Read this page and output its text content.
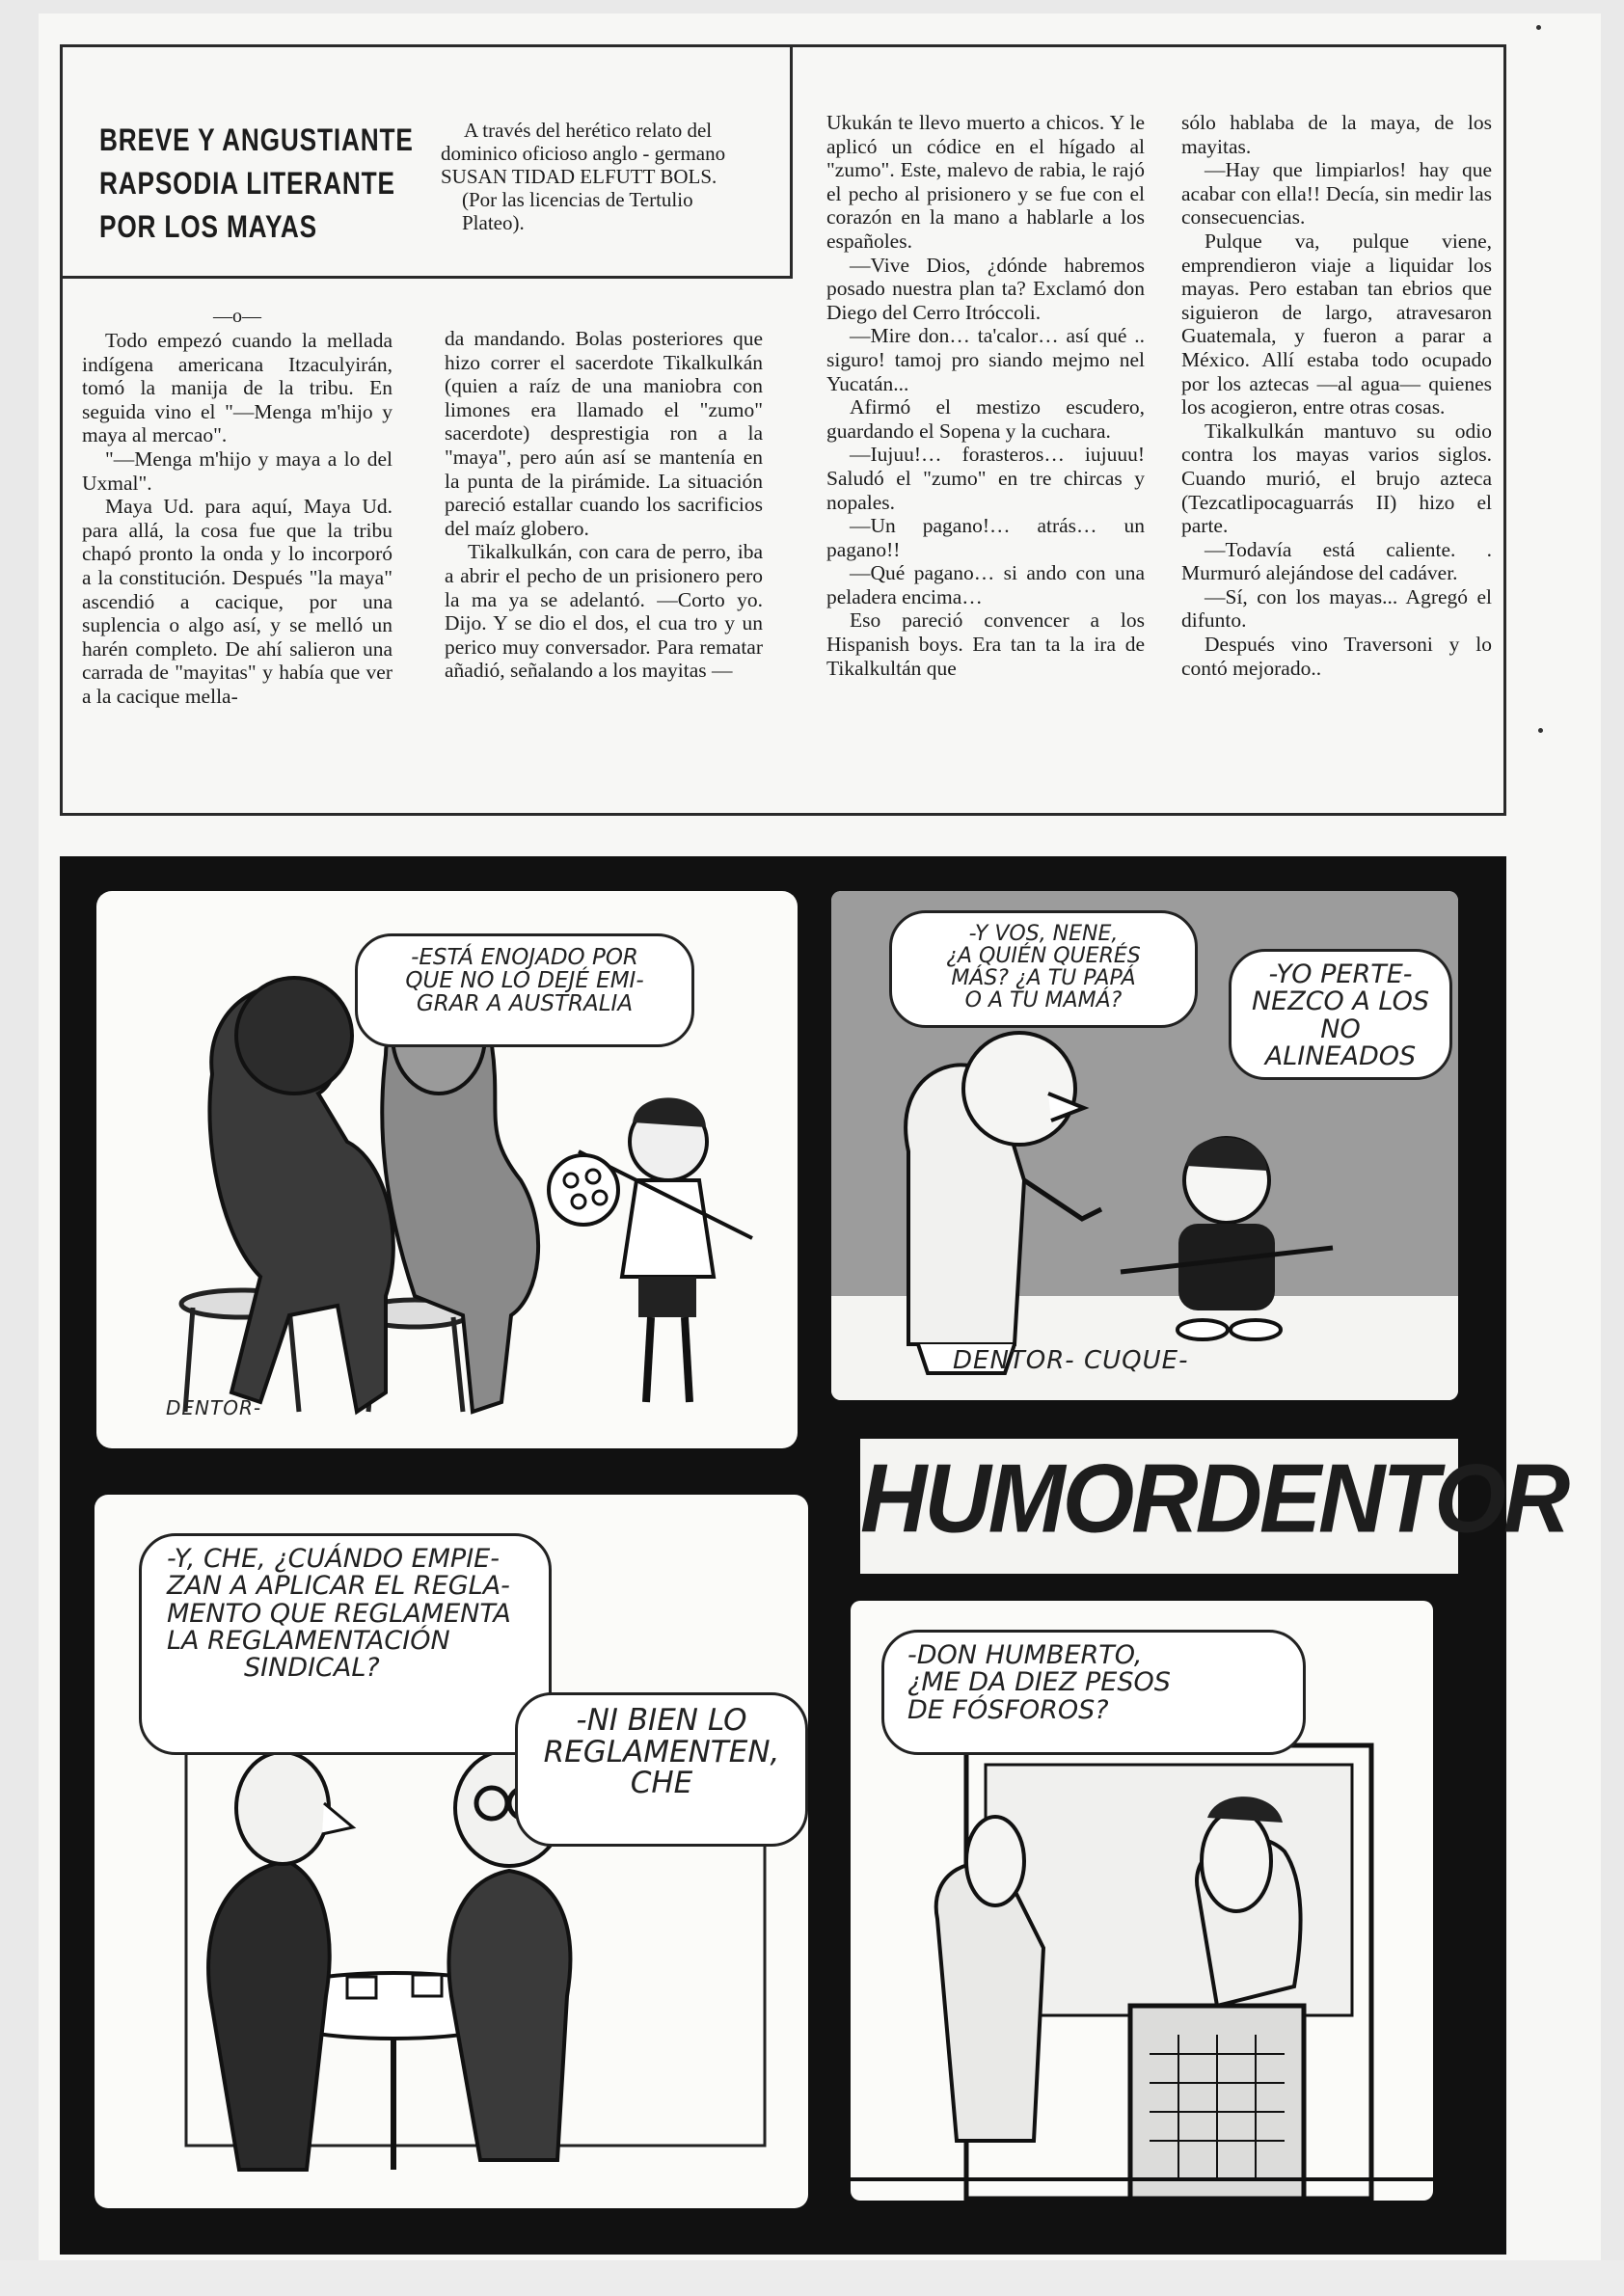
BREVE Y ANGUSTIANTE
RAPSODIA LITERANTE
POR LOS MAYAS
A través del herético relato del dominico oficioso anglo - germano SUSAN TIDAD ELFUTT BOLS.
(Por las licencias de Tertulio Plateo).
—o—

Todo empezó cuando la mellada indígena americana Itzaculyirán, tomó la manija de la tribu. En seguida vino el "—Menga m'hijo y maya al mercao".

"—Menga m'hijo y maya a lo del Uxmal".

Maya Ud. para aquí, Maya Ud. para allá, la cosa fue que la tribu chapó pronto la onda y lo incorporó a la constitución. Después "la maya" ascendió a cacique, por una suplencia o algo así, y se melló un harén completo. De ahí salieron una carrada de "mayitas" y había que ver a la cacique mella-

da mandando. Bolas posteriores que hizo correr el sacerdote Tikalkulkán (quien a raíz de una maniobra con limones era llamado el "zumo" sacerdote) desprestigia ron a la "maya", pero aún así se mantenía en la punta de la pirámide. La situación pareció estallar cuando los sacrificios del maíz globero.

Tikalkulkán, con cara de perro, iba a abrir el pecho de un prisionero pero la ma ya se adelantó. —Corto yo. Dijo. Y se dio el dos, el cua tro y un perico muy conversador. Para rematar añadió, señalando a los mayitas —

Ukukán te llevo muerto a chicos. Y le aplicó un códice en el hígado al "zumo". Este, malevo de rabia, le rajó el pecho al prisionero y se fue con el corazón en la mano a hablarle a los españoles.

—Vive Dios, ¿dónde habremos posado nuestra plan ta? Exclamó don Diego del Cerro Itróccoli.

—Mire don… ta'calor… así qué .. siguro! tamoj pro siando mejmo nel Yucatán...

Afirmó el mestizo escudero, guardando el Sopena y la cuchara.

—Iujuu!… forasteros… iujuuu! Saludó el "zumo" en tre chircas y nopales.

—Un pagano!… atrás… un pagano!!

—Qué pagano… si ando con una peladera encima…

Eso pareció convencer a los Hispanish boys. Era tan ta la ira de Tikalkultán que

sólo hablaba de la maya, de los mayitas.

—Hay que limpiarlos! hay que acabar con ella!! Decía, sin medir las consecuencias.

Pulque va, pulque viene, emprendieron viaje a liquidar los mayas. Pero estaban tan ebrios que siguieron de largo, atravesaron Guatemala, y fueron a parar a México. Allí estaba todo ocupado por los aztecas —al agua— quienes los acogieron, entre otras cosas.

Tikalkulkán mantuvo su odio contra los mayas varios siglos. Cuando murió, el brujo azteca (Tezcatlipocaguarrás II) hizo el parte.

—Todavía está caliente. . Murmuró alejándose del cadáver.

—Sí, con los mayas... Agregó el difunto.

Después vino Traversoni y lo contó mejorado..

-ESTÁ ENOJADO POR
QUE NO LO DEJÉ EMI-
GRAR A AUSTRALIA
DENTOR-
-Y VOS, NENE,
¿A QUIÉN QUERÉS
MÁS? ¿A TU PAPÁ
O A TU MAMÁ?
-YO PERTE-
NEZCO A LOS
NO ALINEADOS
DENTOR- CUQUE-
HUMORDENTOR
-Y, CHE, ¿CUÁNDO EMPIE-
ZAN A APLICAR EL REGLA-
MENTO QUE REGLAMENTA
LA REGLAMENTACIÓN
SINDICAL?
-NI BIEN LO
REGLAMENTEN,
CHE
-DON HUMBERTO,
¿ME DA DIEZ PESOS
DE FÓSFOROS?
